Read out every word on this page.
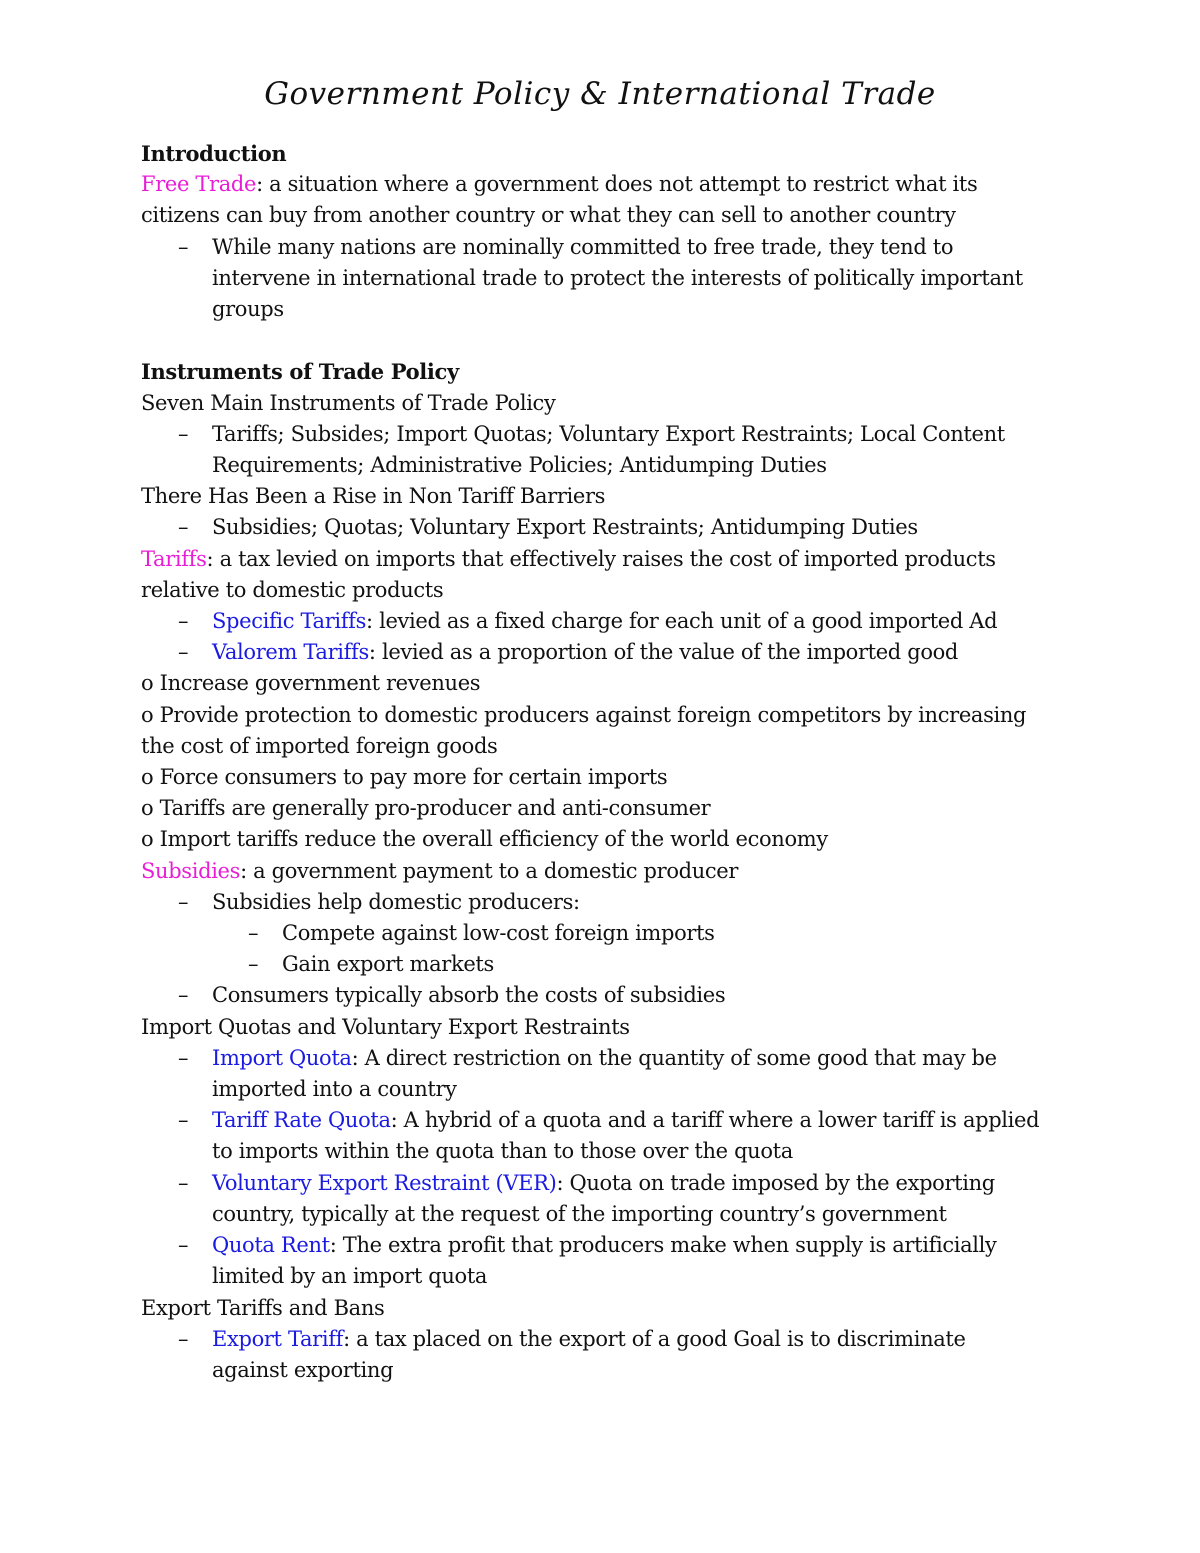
Government Policy & International Trade
Introduction
Free Trade: a situation where a government does not attempt to restrict what its
citizens can buy from another country or what they can sell to another country
– While many nations are nominally committed to free trade, they tend to
intervene in international trade to protect the interests of politically important
groups
Instruments of Trade Policy
Seven Main Instruments of Trade Policy
– Tariffs; Subsides; Import Quotas; Voluntary Export Restraints; Local Content
Requirements; Administrative Policies; Antidumping Duties
There Has Been a Rise in Non Tariff Barriers
– Subsidies; Quotas; Voluntary Export Restraints; Antidumping Duties
Tariffs: a tax levied on imports that effectively raises the cost of imported products
relative to domestic products
– Specific Tariffs: levied as a fixed charge for each unit of a good imported Ad
– Valorem Tariffs: levied as a proportion of the value of the imported good
o Increase government revenues
o Provide protection to domestic producers against foreign competitors by increasing
the cost of imported foreign goods
o Force consumers to pay more for certain imports
o Tariffs are generally pro-producer and anti-consumer
o Import tariffs reduce the overall efficiency of the world economy
Subsidies: a government payment to a domestic producer
– Subsidies help domestic producers:
– Compete against low-cost foreign imports
– Gain export markets
– Consumers typically absorb the costs of subsidies
Import Quotas and Voluntary Export Restraints
– Import Quota: A direct restriction on the quantity of some good that may be
imported into a country
– Tariff Rate Quota: A hybrid of a quota and a tariff where a lower tariff is applied
to imports within the quota than to those over the quota
– Voluntary Export Restraint (VER): Quota on trade imposed by the exporting
country, typically at the request of the importing country’s government
– Quota Rent: The extra profit that producers make when supply is artificially
limited by an import quota
Export Tariffs and Bans
– Export Tariff: a tax placed on the export of a good Goal is to discriminate
against exporting
